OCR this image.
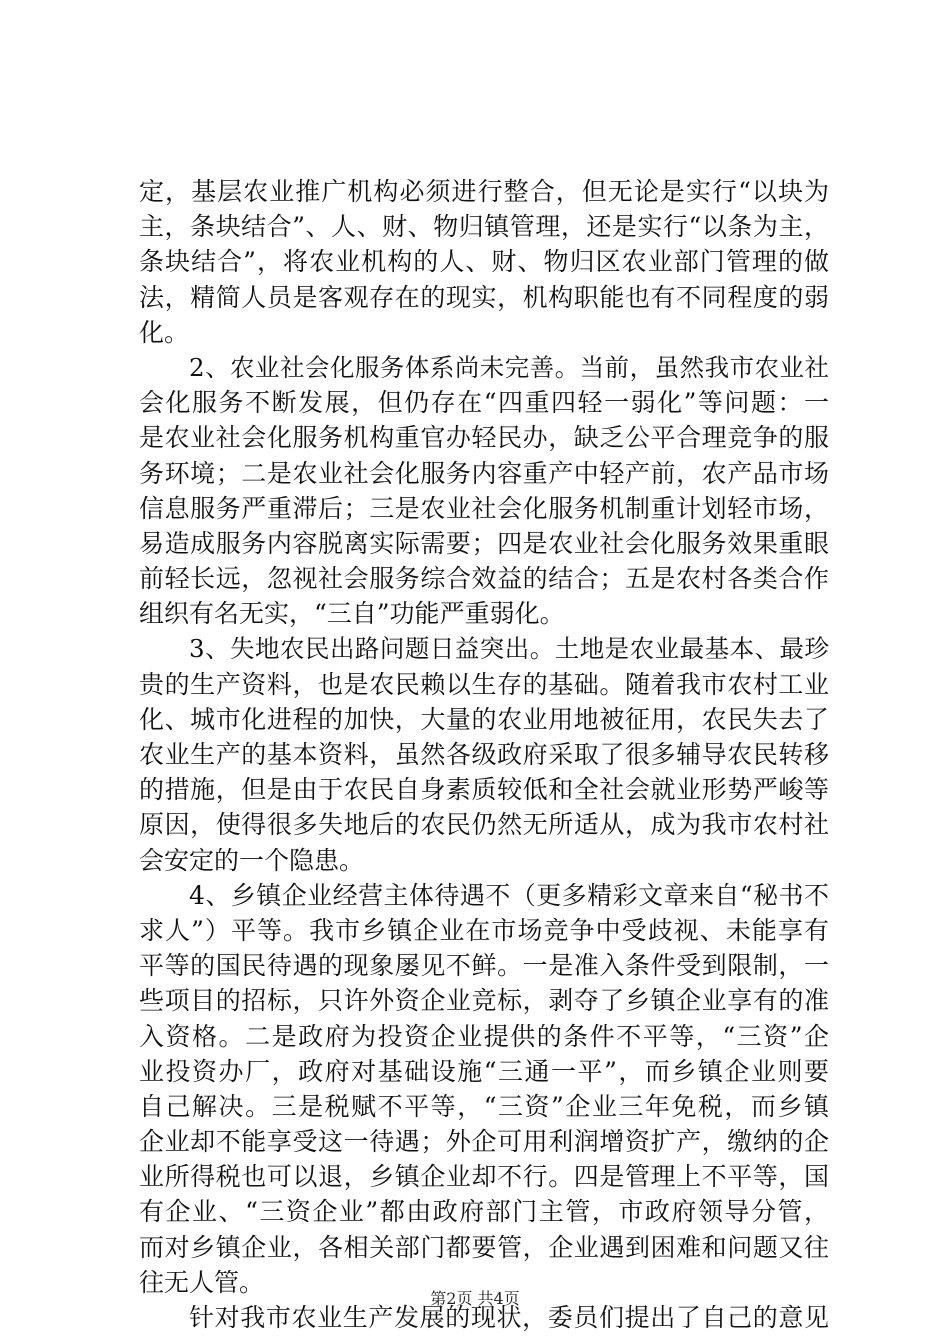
定，基层农业推广机构必须进行整合，但无论是实行“以块为
主，条块结合”、人、财、物归镇管理，还是实行“以条为主，
条块结合”，将农业机构的人、财、物归区农业部门管理的做
法，精简人员是客观存在的现实，机构职能也有不同程度的弱
化。
2、农业社会化服务体系尚未完善。当前，虽然我市农业社
会化服务不断发展，但仍存在“四重四轻一弱化”等问题：一
是农业社会化服务机构重官办轻民办，缺乏公平合理竞争的服
务环境；二是农业社会化服务内容重产中轻产前，农产品市场
信息服务严重滞后；三是农业社会化服务机制重计划轻市场，
易造成服务内容脱离实际需要；四是农业社会化服务效果重眼
前轻长远，忽视社会服务综合效益的结合；五是农村各类合作
组织有名无实，“三自”功能严重弱化。
3、失地农民出路问题日益突出。土地是农业最基本、最珍
贵的生产资料，也是农民赖以生存的基础。随着我市农村工业
化、城市化进程的加快，大量的农业用地被征用，农民失去了
农业生产的基本资料，虽然各级政府采取了很多辅导农民转移
的措施，但是由于农民自身素质较低和全社会就业形势严峻等
原因，使得很多失地后的农民仍然无所适从，成为我市农村社
会安定的一个隐患。
4、乡镇企业经营主体待遇不（更多精彩文章来自“秘书不
求人”）平等。我市乡镇企业在市场竞争中受歧视、未能享有
平等的国民待遇的现象屡见不鲜。一是准入条件受到限制，一
些项目的招标，只许外资企业竞标，剥夺了乡镇企业享有的准
入资格。二是政府为投资企业提供的条件不平等，“三资”企
业投资办厂，政府对基础设施“三通一平”，而乡镇企业则要
自己解决。三是税赋不平等，“三资”企业三年免税，而乡镇
企业却不能享受这一待遇；外企可用利润增资扩产，缴纳的企
业所得税也可以退，乡镇企业却不行。四是管理上不平等，国
有企业、“三资企业”都由政府部门主管，市政府领导分管，
而对乡镇企业，各相关部门都要管，企业遇到困难和问题又往
往无人管。
针对我市农业生产发展的现状，委员们提出了自己的意见
第2页 共4页
